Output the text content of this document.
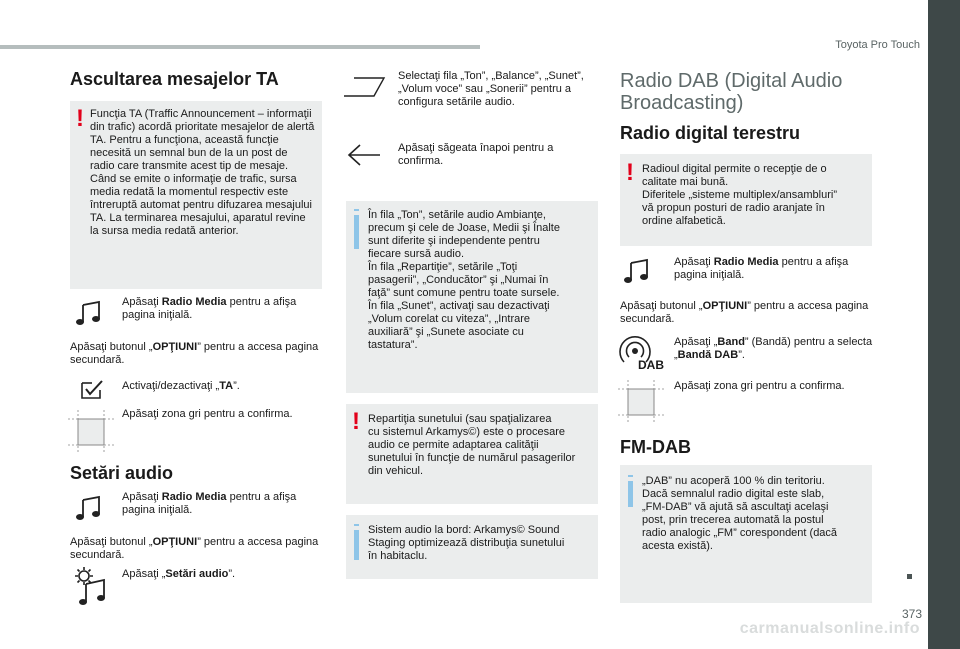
Toyota Pro Touch
373
carmanualsonline.info
Ascultarea mesajelor TA
! Funcţia TA (Traffic Announcement – informaţii din trafic) acordă prioritate mesajelor de alertă TA. Pentru a funcţiona, această funcţie necesită un semnal bun de la un post de radio care transmite acest tip de mesaje. Când se emite o informaţie de trafic, sursa media redată la momentul respectiv este întreruptă automat pentru difuzarea mesajului TA. La terminarea mesajului, aparatul revine la sursa media redată anterior.
Apăsaţi Radio Media pentru a afişa pagina iniţială.
Apăsaţi butonul „OPŢIUNI” pentru a accesa pagina secundară.
Activaţi/dezactivaţi „TA”.
Apăsaţi zona gri pentru a confirma.
Setări audio
Apăsaţi Radio Media pentru a afişa pagina iniţială.
Apăsaţi butonul „OPŢIUNI” pentru a accesa pagina secundară.
Apăsaţi „Setări audio”.
Selectaţi fila „Ton”, „Balance”, „Sunet”, „Volum voce” sau „Sonerii” pentru a configura setările audio.
Apăsaţi săgeata înapoi pentru a confirma.
În fila „Ton”, setările audio Ambianţe,
precum şi cele de Joase, Medii şi Înalte
sunt diferite şi independente pentru
fiecare sursă audio.
În fila „Repartiţie”, setările „Toţi
pasagerii”, „Conducător” şi „Numai în
faţă” sunt comune pentru toate sursele.
În fila „Sunet”, activaţi sau dezactivaţi
„Volum corelat cu viteza”, „Intrare
auxiliară” şi „Sunete asociate cu
tastatura”.
! Repartiţia sunetului (sau spaţializarea
cu sistemul Arkamys©) este o procesare
audio ce permite adaptarea calităţii
sunetului în funcţie de numărul pasagerilor
din vehicul.
Sistem audio la bord: Arkamys© Sound
Staging optimizează distribuţia sunetului
în habitaclu.
Radio DAB (Digital Audio Broadcasting)
Radio digital terestru
! Radioul digital permite o recepţie de o
calitate mai bună.
Diferitele „sisteme multiplex/ansambluri”
vă propun posturi de radio aranjate în
ordine alfabetică.
Apăsaţi Radio Media pentru a afişa pagina iniţială.
Apăsaţi butonul „OPŢIUNI” pentru a accesa pagina secundară.
DAB
Apăsaţi „Band” (Bandă) pentru a selecta „Bandă DAB”.
Apăsaţi zona gri pentru a confirma.
FM-DAB
„DAB” nu acoperă 100 % din teritoriu.
Dacă semnalul radio digital este slab,
„FM-DAB” vă ajută să ascultaţi acelaşi
post, prin trecerea automată la postul
radio analogic „FM” corespondent (dacă
acesta există).
